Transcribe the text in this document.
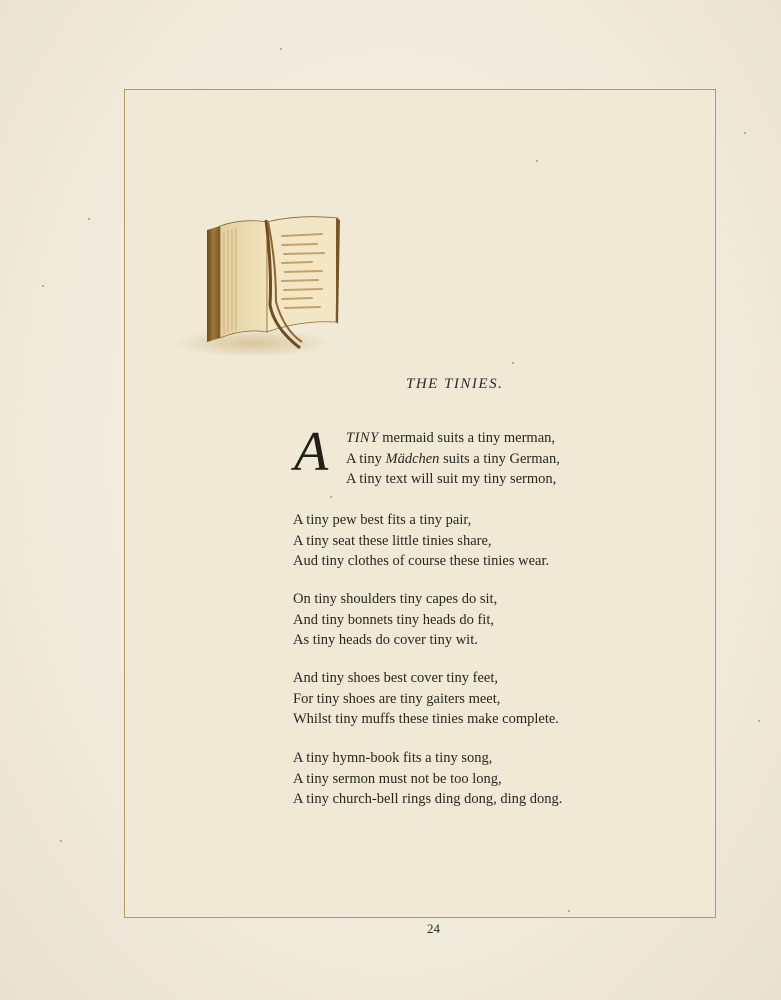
THE TINIES.
A TINY mermaid suits a tiny merman,
A tiny Mädchen suits a tiny German,
A tiny text will suit my tiny sermon,
A tiny pew best fits a tiny pair,
A tiny seat these little tinies share,
Aud tiny clothes of course these tinies wear.
On tiny shoulders tiny capes do sit,
And tiny bonnets tiny heads do fit,
As tiny heads do cover tiny wit.
And tiny shoes best cover tiny feet,
For tiny shoes are tiny gaiters meet,
Whilst tiny muffs these tinies make complete.
A tiny hymn-book fits a tiny song,
A tiny sermon must not be too long,
A tiny church-bell rings ding dong, ding dong.
24
